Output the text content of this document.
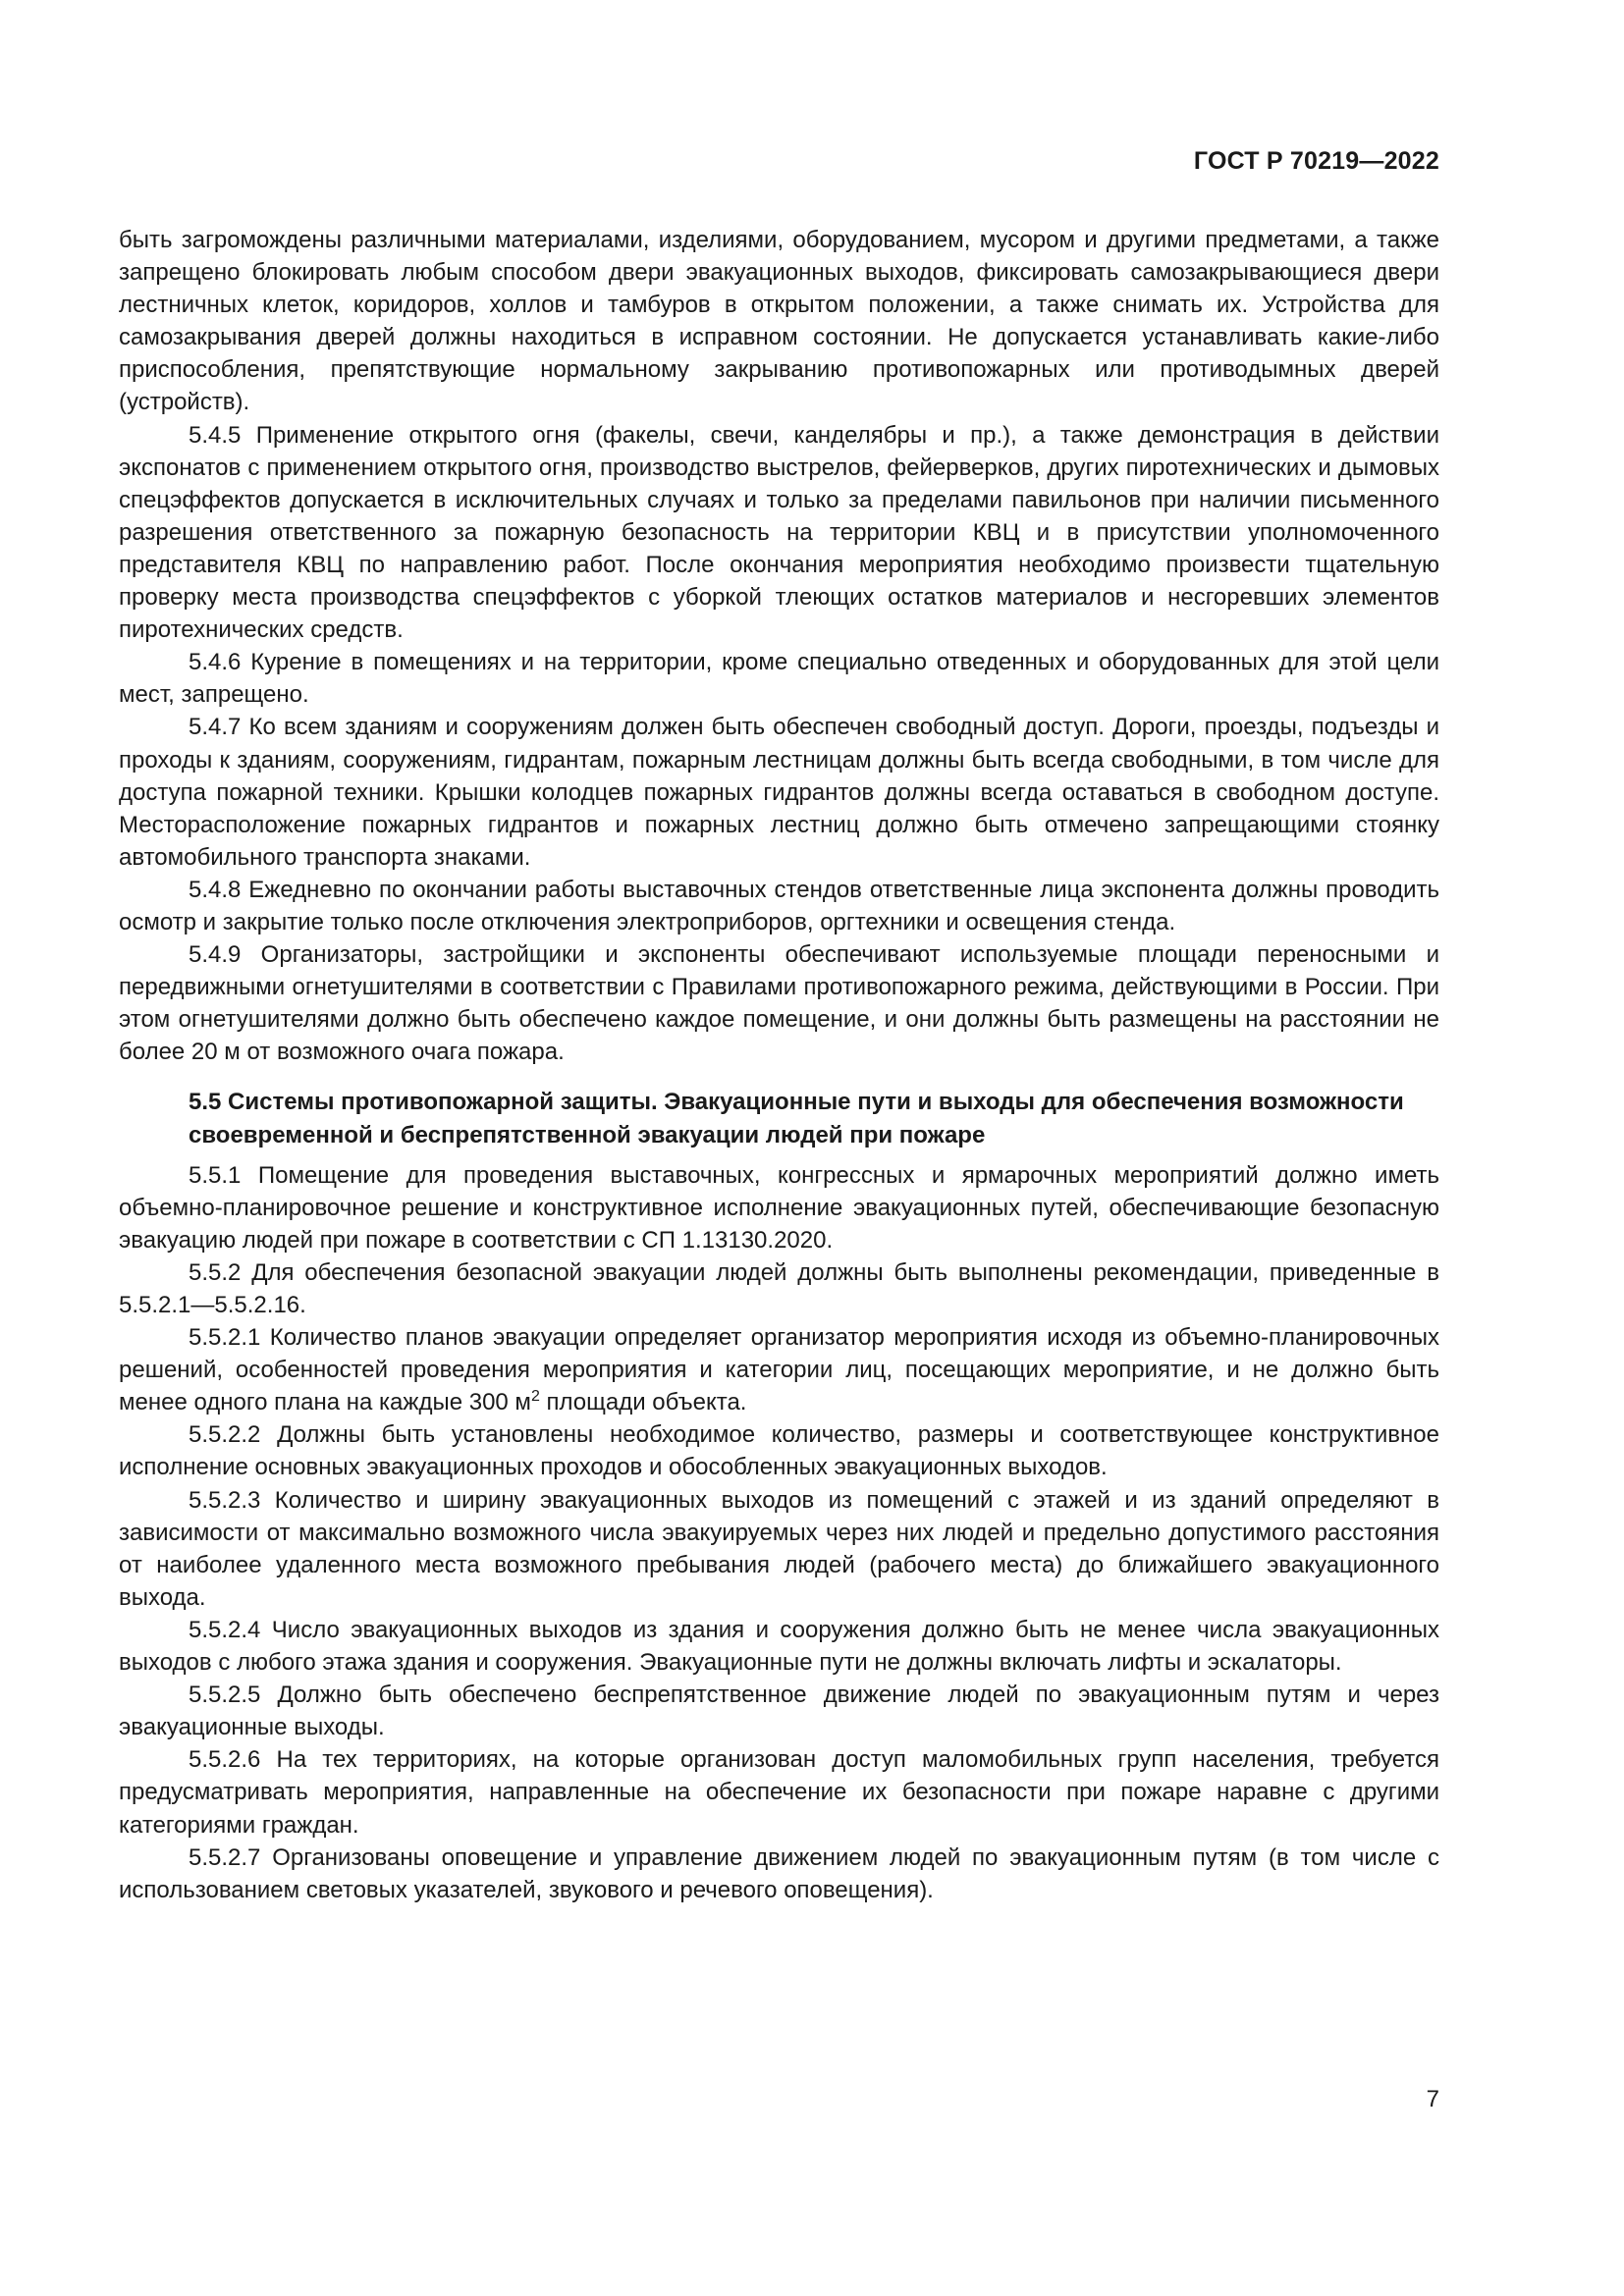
ГОСТ Р 70219—2022

быть загромождены различными материалами, изделиями, оборудованием, мусором и другими предметами, а также запрещено блокировать любым способом двери эвакуационных выходов, фиксировать самозакрывающиеся двери лестничных клеток, коридоров, холлов и тамбуров в открытом положении, а также снимать их. Устройства для самозакрывания дверей должны находиться в исправном состоянии. Не допускается устанавливать какие-либо приспособления, препятствующие нормальному закрыванию противопожарных или противодымных дверей (устройств).

5.4.5 Применение открытого огня (факелы, свечи, канделябры и пр.), а также демонстрация в действии экспонатов с применением открытого огня, производство выстрелов, фейерверков, других пиротехнических и дымовых спецэффектов допускается в исключительных случаях и только за пределами павильонов при наличии письменного разрешения ответственного за пожарную безопасность на территории КВЦ и в присутствии уполномоченного представителя КВЦ по направлению работ. После окончания мероприятия необходимо произвести тщательную проверку места производства спецэффектов с уборкой тлеющих остатков материалов и несгоревших элементов пиротехнических средств.

5.4.6 Курение в помещениях и на территории, кроме специально отведенных и оборудованных для этой цели мест, запрещено.

5.4.7 Ко всем зданиям и сооружениям должен быть обеспечен свободный доступ. Дороги, проезды, подъезды и проходы к зданиям, сооружениям, гидрантам, пожарным лестницам должны быть всегда свободными, в том числе для доступа пожарной техники. Крышки колодцев пожарных гидрантов должны всегда оставаться в свободном доступе. Месторасположение пожарных гидрантов и пожарных лестниц должно быть отмечено запрещающими стоянку автомобильного транспорта знаками.

5.4.8 Ежедневно по окончании работы выставочных стендов ответственные лица экспонента должны проводить осмотр и закрытие только после отключения электроприборов, оргтехники и освещения стенда.

5.4.9 Организаторы, застройщики и экспоненты обеспечивают используемые площади переносными и передвижными огнетушителями в соответствии с Правилами противопожарного режима, действующими в России. При этом огнетушителями должно быть обеспечено каждое помещение, и они должны быть размещены на расстоянии не более 20 м от возможного очага пожара.

5.5 Системы противопожарной защиты. Эвакуационные пути и выходы для обеспечения возможности своевременной и беспрепятственной эвакуации людей при пожаре

5.5.1 Помещение для проведения выставочных, конгрессных и ярмарочных мероприятий должно иметь объемно-планировочное решение и конструктивное исполнение эвакуационных путей, обеспечивающие безопасную эвакуацию людей при пожаре в соответствии с СП 1.13130.2020.

5.5.2 Для обеспечения безопасной эвакуации людей должны быть выполнены рекомендации, приведенные в 5.5.2.1—5.5.2.16.

5.5.2.1 Количество планов эвакуации определяет организатор мероприятия исходя из объемно-планировочных решений, особенностей проведения мероприятия и категории лиц, посещающих мероприятие, и не должно быть менее одного плана на каждые 300 $м^2$ площади объекта.

5.5.2.2 Должны быть установлены необходимое количество, размеры и соответствующее конструктивное исполнение основных эвакуационных проходов и обособленных эвакуационных выходов.

5.5.2.3 Количество и ширину эвакуационных выходов из помещений с этажей и из зданий определяют в зависимости от максимально возможного числа эвакуируемых через них людей и предельно допустимого расстояния от наиболее удаленного места возможного пребывания людей (рабочего места) до ближайшего эвакуационного выхода.

5.5.2.4 Число эвакуационных выходов из здания и сооружения должно быть не менее числа эвакуационных выходов с любого этажа здания и сооружения. Эвакуационные пути не должны включать лифты и эскалаторы.

5.5.2.5 Должно быть обеспечено беспрепятственное движение людей по эвакуационным путям и через эвакуационные выходы.

5.5.2.6 На тех территориях, на которые организован доступ маломобильных групп населения, требуется предусматривать мероприятия, направленные на обеспечение их безопасности при пожаре наравне с другими категориями граждан.

5.5.2.7 Организованы оповещение и управление движением людей по эвакуационным путям (в том числе с использованием световых указателей, звукового и речевого оповещения).

7
